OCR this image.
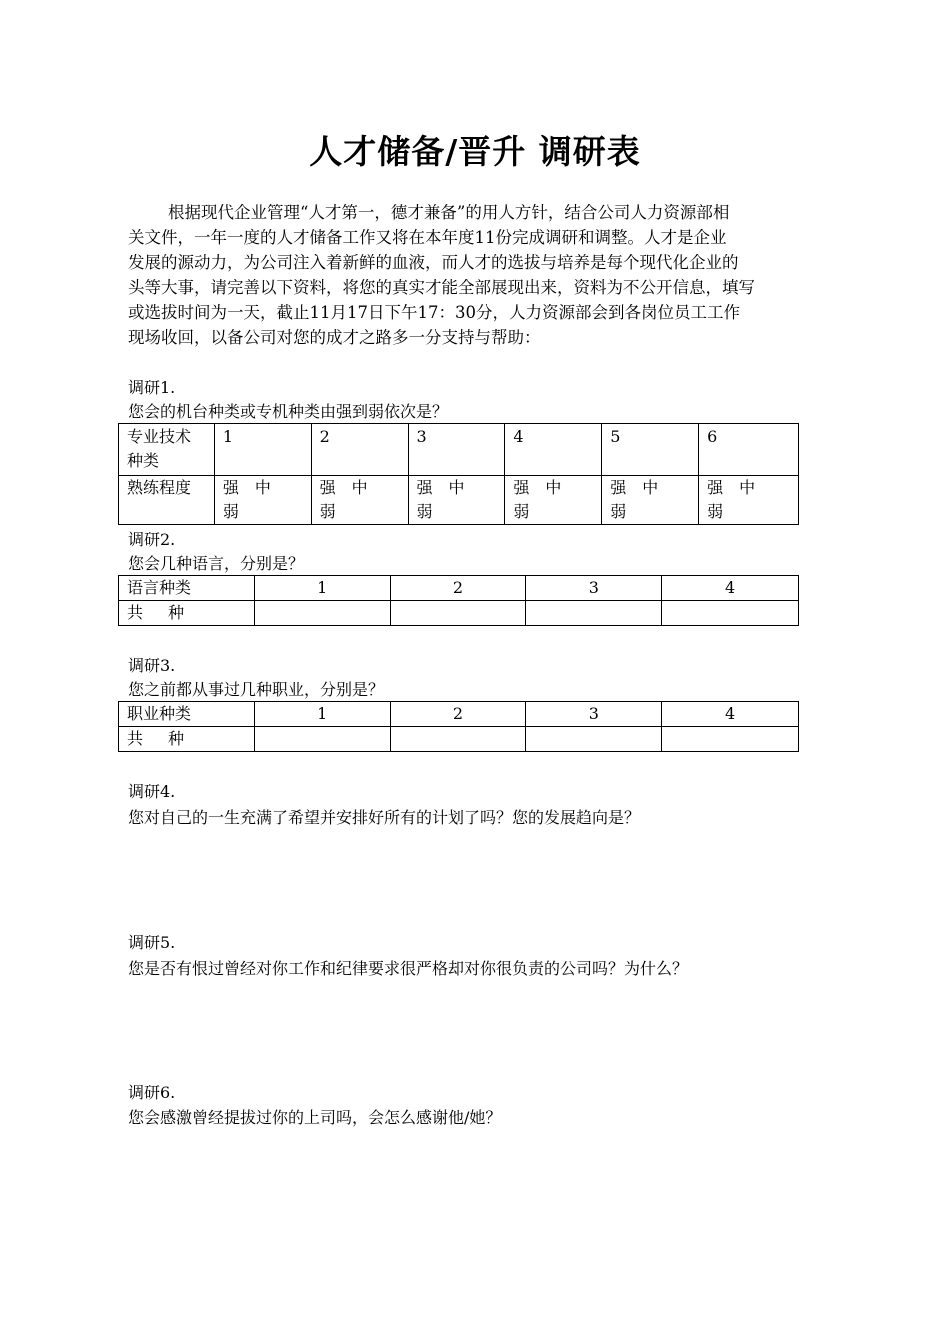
人才储备/晋升 调研表
根据现代企业管理“人才第一，德才兼备”的用人方针，结合公司人力资源部相
关文件，一年一度的人才储备工作又将在本年度11份完成调研和调整。人才是企业
发展的源动力，为公司注入着新鲜的血液，而人才的选拔与培养是每个现代化企业的
头等大事，请完善以下资料，将您的真实才能全部展现出来，资料为不公开信息，填写
或选拔时间为一天，截止11月17日下午17：30分，人力资源部会到各岗位员工工作
现场收回，以备公司对您的成才之路多一分支持与帮助：
调研1.
您会的机台种类或专机种类由强到弱依次是？
专业技术
种类	1	2	3	4	5	6
熟练程度	强 中弱	强 中弱	强 中弱	强 中弱	强 中弱	强 中弱
调研2.
您会几种语言，分别是？
语言种类	1	2	3	4
共 种				
调研3.
您之前都从事过几种职业，分别是？
职业种类	1	2	3	4
共 种				
调研4.
您对自己的一生充满了希望并安排好所有的计划了吗？您的发展趋向是？
调研5.
您是否有恨过曾经对你工作和纪律要求很严格却对你很负责的公司吗？为什么？
调研6.
您会感激曾经提拔过你的上司吗，会怎么感谢他/她？
